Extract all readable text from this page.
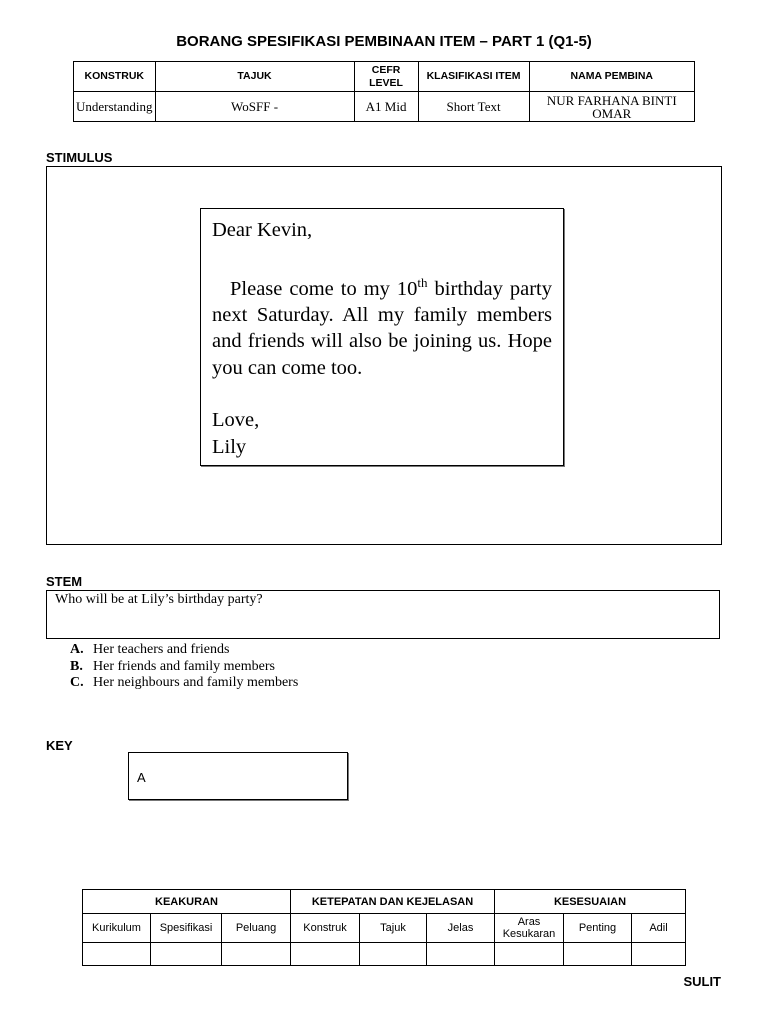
BORANG SPESIFIKASI PEMBINAAN ITEM – PART 1 (Q1-5)
KONSTRUK	TAJUK	CEFR LEVEL	KLASIFIKASI ITEM	NAMA PEMBINA
Understanding	WoSFF -	A1 Mid	Short Text	NUR FARHANA BINTI OMAR
STIMULUS

Dear Kevin,

Please come to my 10th birthday party next Saturday. All my family members and friends will also be joining us. Hope you can come too.

Love,

Lily

STEM
Who will be at Lily’s birthday party?
A. Her teachers and friends
B. Her friends and family members
C. Her neighbours and family members
KEY
A
KEAKURAN			KETEPATAN DAN KEJELASAN			KESESUAIAN		
Kurikulum	Spesifikasi	Peluang	Konstruk	Tajuk	Jelas	Aras Kesukaran	Penting	Adil

SULIT
